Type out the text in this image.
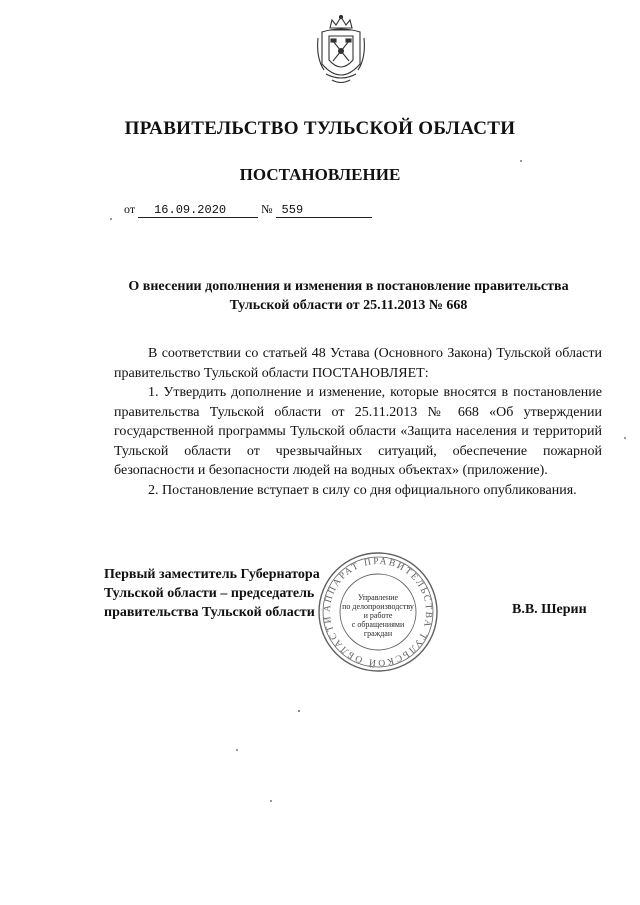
ПРАВИТЕЛЬСТВО ТУЛЬСКОЙ ОБЛАСТИ
ПОСТАНОВЛЕНИЕ
от 16.09.2020	№ 559
О внесении дополнения и изменения в постановление правительства
Тульской области от 25.11.2013 № 668

В соответствии со статьей 48 Устава (Основного Закона) Тульской области правительство Тульской области ПОСТАНОВЛЯЕТ:

1. Утвердить дополнение и изменение, которые вносятся в постановление правительства Тульской области от 25.11.2013 № 668 «Об утверждении государственной программы Тульской области «Защита населения и территорий Тульской области от чрезвычайных ситуаций, обеспечение пожарной безопасности и безопасности людей на водных объектах» (приложение).

2. Постановление вступает в силу со дня официального опубликования.

Первый заместитель Губернатора
Тульской области – председатель
правительства Тульской области	В.В. Шерин
АППАРАТ ПРАВИТЕЛЬСТВА ТУЛЬСКОЙ ОБЛАСТИ
Управление
по делопроизводству
и работе
с обращениями
граждан
